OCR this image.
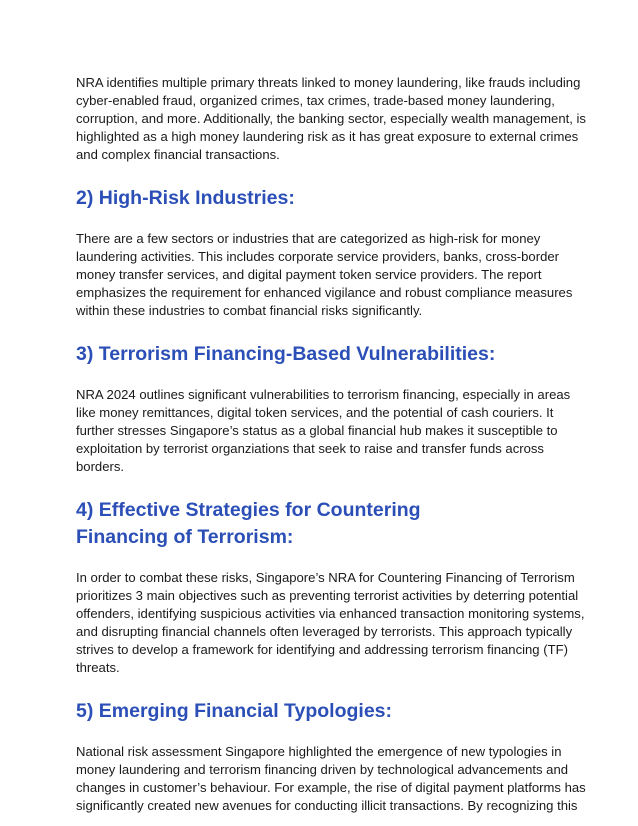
NRA identifies multiple primary threats linked to money laundering, like frauds including cyber-enabled fraud, organized crimes, tax crimes, trade-based money laundering, corruption, and more. Additionally, the banking sector, especially wealth management, is highlighted as a high money laundering risk as it has great exposure to external crimes and complex financial transactions.

2) High-Risk Industries:

There are a few sectors or industries that are categorized as high-risk for money laundering activities. This includes corporate service providers, banks, cross-border money transfer services, and digital payment token service providers. The report emphasizes the requirement for enhanced vigilance and robust compliance measures within these industries to combat financial risks significantly.

3) Terrorism Financing-Based Vulnerabilities:

NRA 2024 outlines significant vulnerabilities to terrorism financing, especially in areas like money remittances, digital token services, and the potential of cash couriers. It further stresses Singapore’s status as a global financial hub makes it susceptible to exploitation by terrorist organziations that seek to raise and transfer funds across borders.

4) Effective Strategies for Countering Financing of Terrorism:

In order to combat these risks, Singapore’s NRA for Countering Financing of Terrorism prioritizes 3 main objectives such as preventing terrorist activities by deterring potential offenders, identifying suspicious activities via enhanced transaction monitoring systems, and disrupting financial channels often leveraged by terrorists. This approach typically strives to develop a framework for identifying and addressing terrorism financing (TF) threats.

5) Emerging Financial Typologies:

National risk assessment Singapore highlighted the emergence of new typologies in money laundering and terrorism financing driven by technological advancements and changes in customer’s behaviour. For example, the rise of digital payment platforms has significantly created new avenues for conducting illicit transactions. By recognizing this
